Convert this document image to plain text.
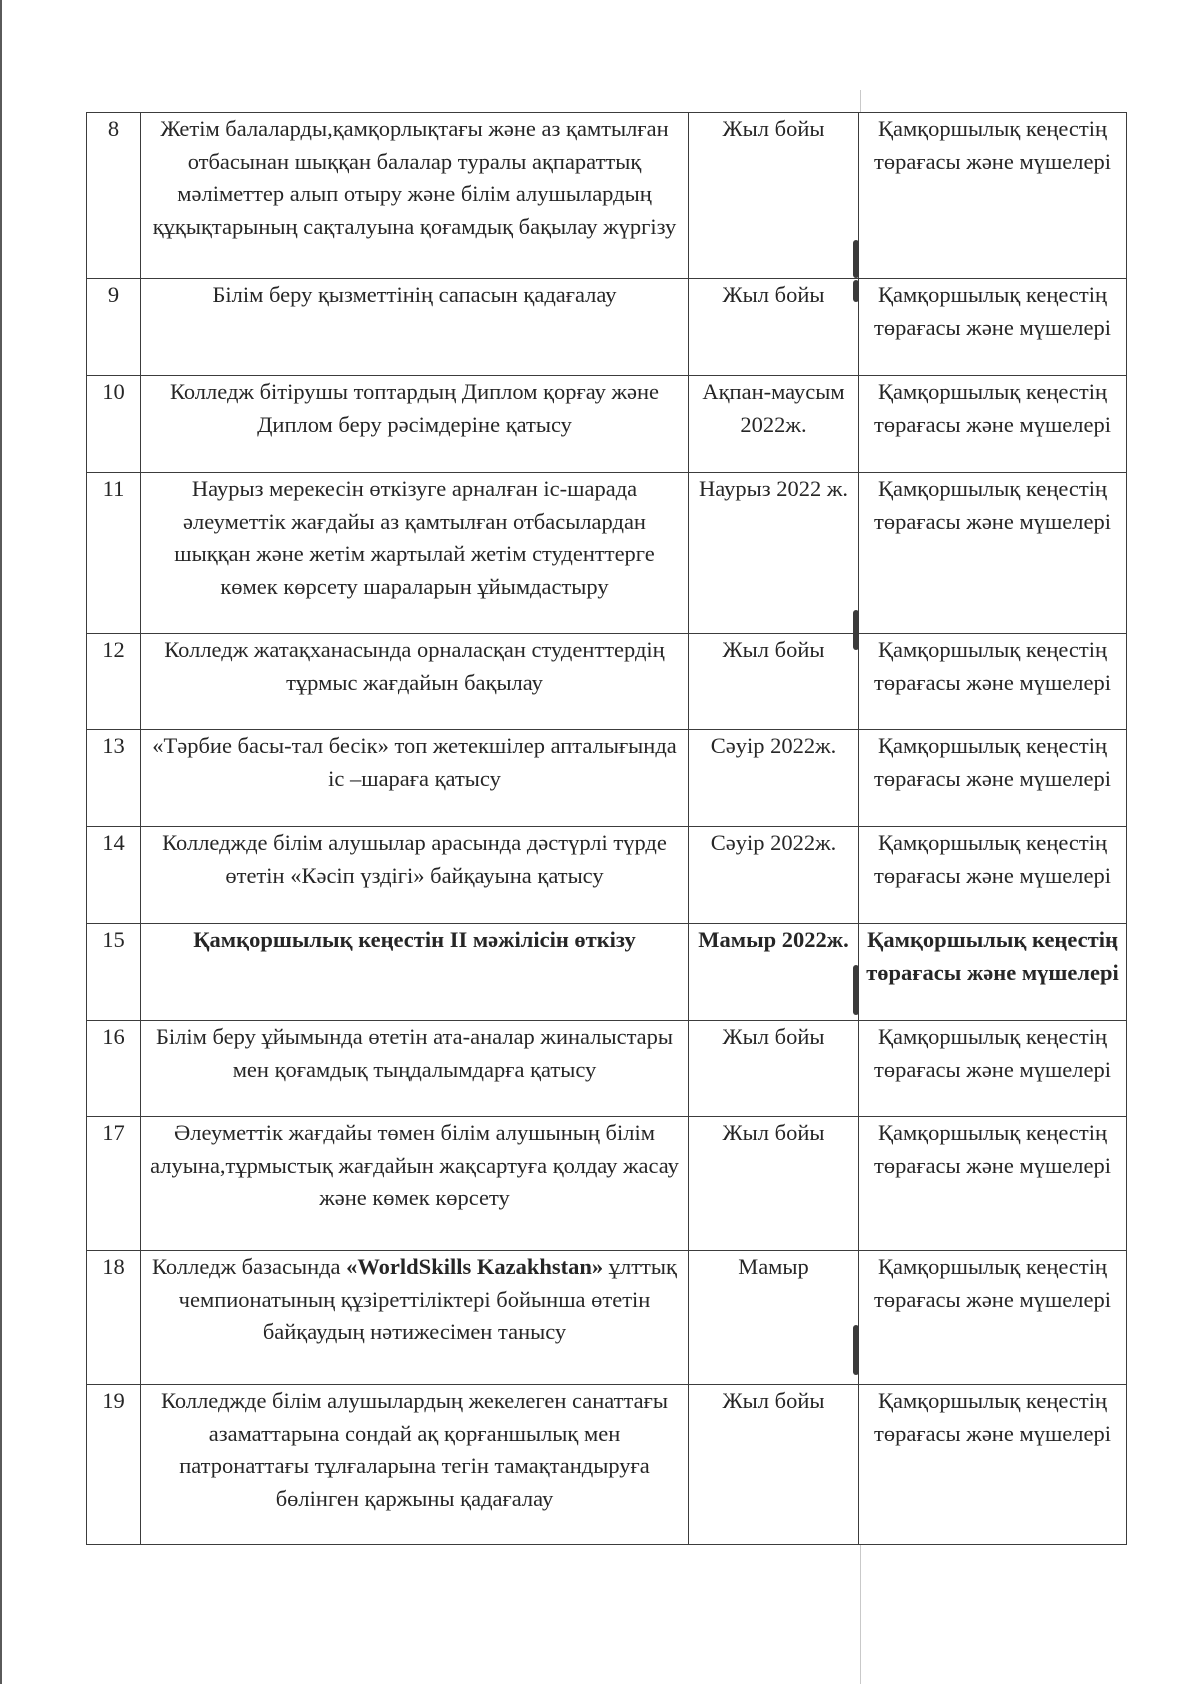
8	Жетім балаларды,қамқорлықтағы және аз қамтылған отбасынан шыққан балалар туралы ақпараттық мәліметтер алып отыру және білім алушылардың құқықтарының сақталуына қоғамдық бақылау жүргізу	Жыл бойы	Қамқоршылық кеңестің төрағасы және мүшелері
9	Білім беру қызметтінің сапасын қадағалау	Жыл бойы	Қамқоршылық кеңестің төрағасы және мүшелері
10	Колледж бітірушы топтардың Диплом қорғау және Диплом беру рәсімдеріне қатысу	Ақпан-маусым 2022ж.	Қамқоршылық кеңестің төрағасы және мүшелері
11	Наурыз мерекесін өткізуге арналған іс-шарада әлеуметтік жағдайы аз қамтылған отбасылардан шыққан және жетім жартылай жетім студенттерге көмек көрсету шараларын ұйымдастыру	Наурыз 2022 ж.	Қамқоршылық кеңестің төрағасы және мүшелері
12	Колледж жатақханасында орналасқан студенттердің тұрмыс жағдайын бақылау	Жыл бойы	Қамқоршылық кеңестің төрағасы және мүшелері
13	«Тәрбие басы-тал бесік» топ жетекшілер апталығында іс –шараға қатысу	Сәуір 2022ж.	Қамқоршылық кеңестің төрағасы және мүшелері
14	Колледжде білім алушылар арасында дәстүрлі түрде өтетін «Кәсіп үздігі» байқауына қатысу	Сәуір 2022ж.	Қамқоршылық кеңестің төрағасы және мүшелері
15	Қамқоршылық кеңестін II мәжілісін өткізу	Мамыр 2022ж.	Қамқоршылық кеңестің төрағасы және мүшелері
16	Білім беру ұйымында өтетін ата-аналар жиналыстары мен қоғамдық тыңдалымдарға қатысу	Жыл бойы	Қамқоршылық кеңестің төрағасы және мүшелері
17	Әлеуметтік жағдайы төмен білім алушының білім алуына,тұрмыстық жағдайын жақсартуға қолдау жасау және көмек көрсету	Жыл бойы	Қамқоршылық кеңестің төрағасы және мүшелері
18	Колледж базасында «WorldSkills Kazakhstan» ұлттық чемпионатының құзіреттіліктері бойынша өтетін байқаудың нәтижесімен танысу	Мамыр	Қамқоршылық кеңестің төрағасы және мүшелері
19	Колледжде білім алушылардың жекелеген санаттағы азаматтарына сондай ақ қорғаншылық мен патронаттағы тұлғаларына тегін тамақтандыруға бөлінген қаржыны қадағалау	Жыл бойы	Қамқоршылық кеңестің төрағасы және мүшелері
